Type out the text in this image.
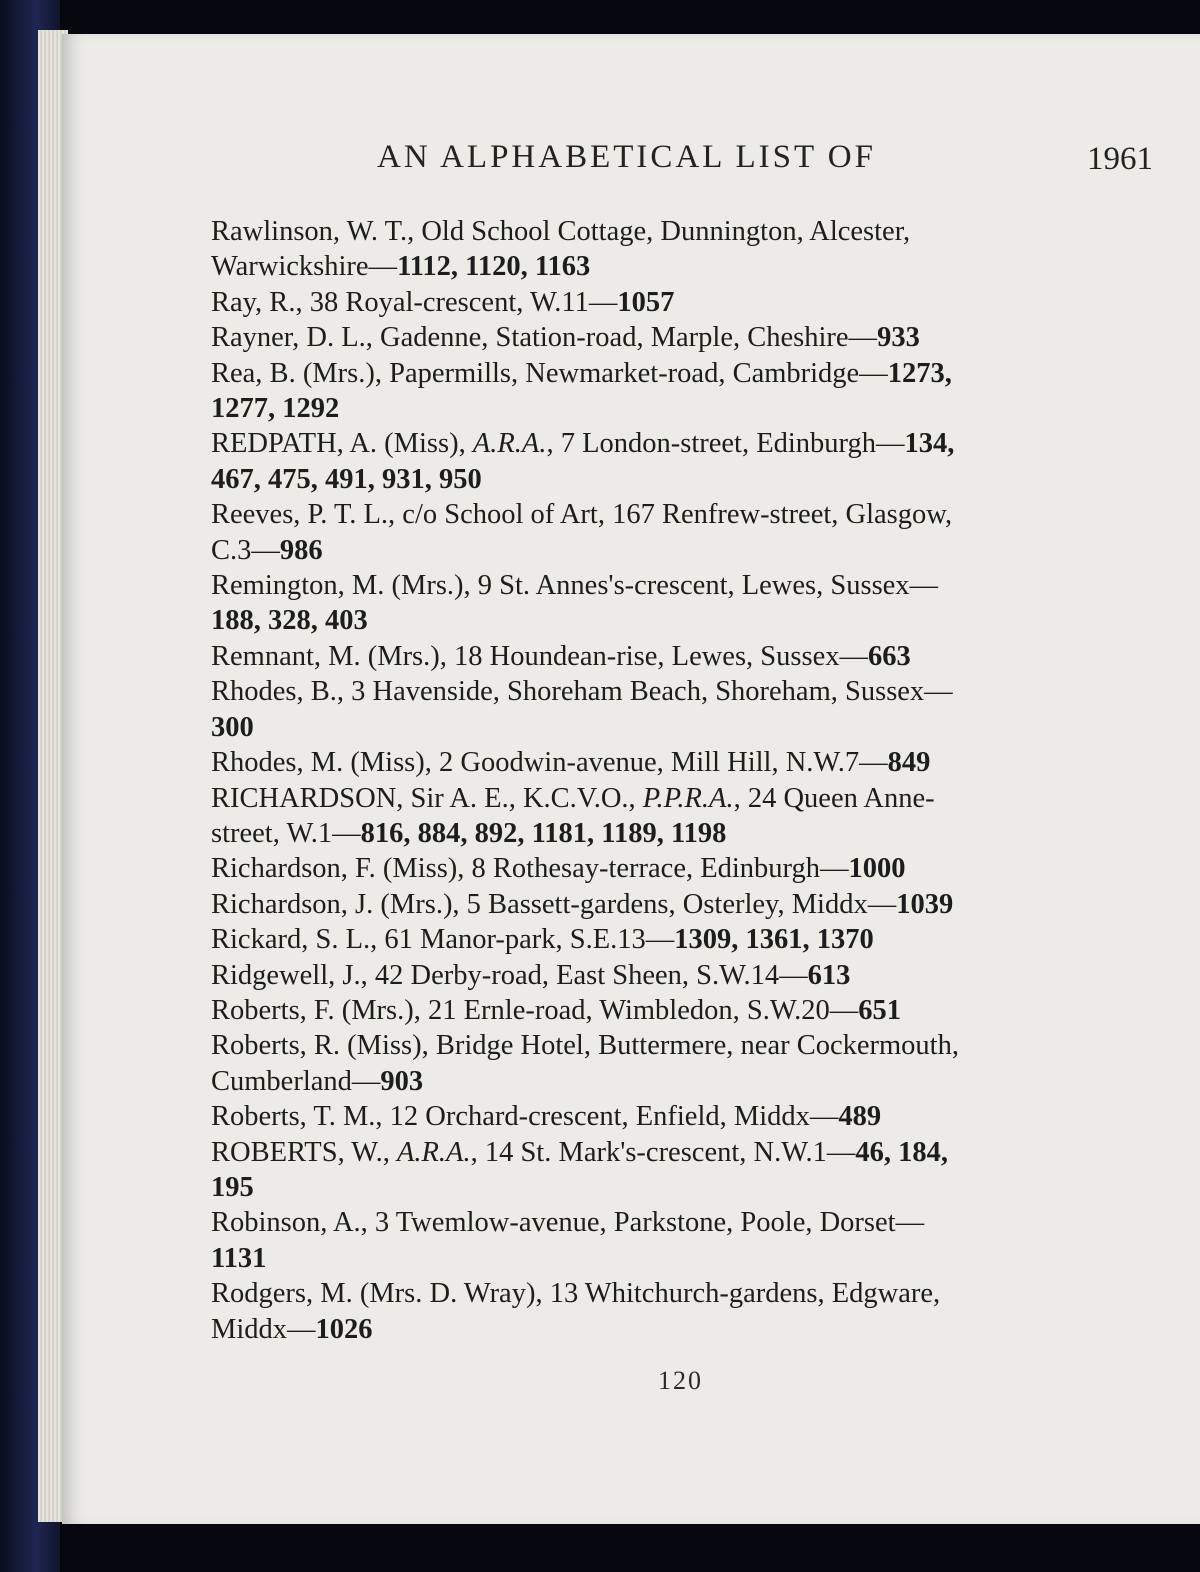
AN ALPHABETICAL LIST OF	1961
Rawlinson, W. T., Old School Cottage, Dunnington, Alcester,
Warwickshire—1112, 1120, 1163
Ray, R., 38 Royal-crescent, W.11—1057
Rayner, D. L., Gadenne, Station-road, Marple, Cheshire—933
Rea, B. (Mrs.), Papermills, Newmarket-road, Cambridge—1273,
1277, 1292
REDPATH, A. (Miss), A.R.A., 7 London-street, Edinburgh—134,
467, 475, 491, 931, 950
Reeves, P. T. L., c/o School of Art, 167 Renfrew-street, Glasgow,
C.3—986
Remington, M. (Mrs.), 9 St. Annes's-crescent, Lewes, Sussex—
188, 328, 403
Remnant, M. (Mrs.), 18 Houndean-rise, Lewes, Sussex—663
Rhodes, B., 3 Havenside, Shoreham Beach, Shoreham, Sussex—
300
Rhodes, M. (Miss), 2 Goodwin-avenue, Mill Hill, N.W.7—849
RICHARDSON, Sir A. E., K.C.V.O., P.P.R.A., 24 Queen Anne-
street, W.1—816, 884, 892, 1181, 1189, 1198
Richardson, F. (Miss), 8 Rothesay-terrace, Edinburgh—1000
Richardson, J. (Mrs.), 5 Bassett-gardens, Osterley, Middx—1039
Rickard, S. L., 61 Manor-park, S.E.13—1309, 1361, 1370
Ridgewell, J., 42 Derby-road, East Sheen, S.W.14—613
Roberts, F. (Mrs.), 21 Ernle-road, Wimbledon, S.W.20—651
Roberts, R. (Miss), Bridge Hotel, Buttermere, near Cockermouth,
Cumberland—903
Roberts, T. M., 12 Orchard-crescent, Enfield, Middx—489
ROBERTS, W., A.R.A., 14 St. Mark's-crescent, N.W.1—46, 184,
195
Robinson, A., 3 Twemlow-avenue, Parkstone, Poole, Dorset—
1131
Rodgers, M. (Mrs. D. Wray), 13 Whitchurch-gardens, Edgware,
Middx—1026
120
